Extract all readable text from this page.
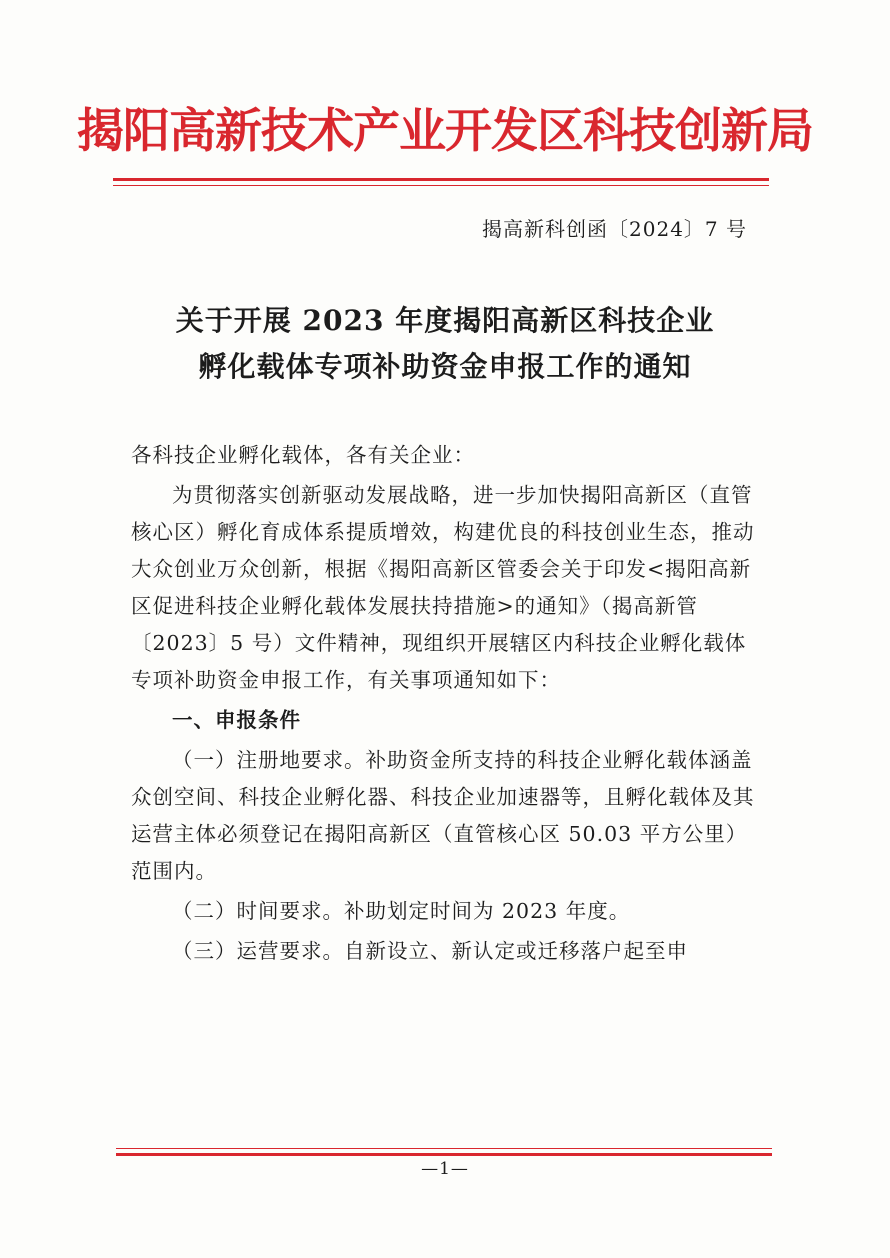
揭阳高新技术产业开发区科技创新局
揭高新科创函〔2024〕7 号
关于开展 2023 年度揭阳高新区科技企业
孵化载体专项补助资金申报工作的通知

各科技企业孵化载体，各有关企业：

为贯彻落实创新驱动发展战略，进一步加快揭阳高新区（直管核心区）孵化育成体系提质增效，构建优良的科技创业生态，推动大众创业万众创新，根据《揭阳高新区管委会关于印发<揭阳高新区促进科技企业孵化载体发展扶持措施>的通知》（揭高新管〔2023〕5 号）文件精神，现组织开展辖区内科技企业孵化载体专项补助资金申报工作，有关事项通知如下：

一、申报条件

（一）注册地要求。补助资金所支持的科技企业孵化载体涵盖众创空间、科技企业孵化器、科技企业加速器等，且孵化载体及其运营主体必须登记在揭阳高新区（直管核心区 50.03 平方公里）范围内。

（二）时间要求。补助划定时间为 2023 年度。

（三）运营要求。自新设立、新认定或迁移落户起至申

—1—
